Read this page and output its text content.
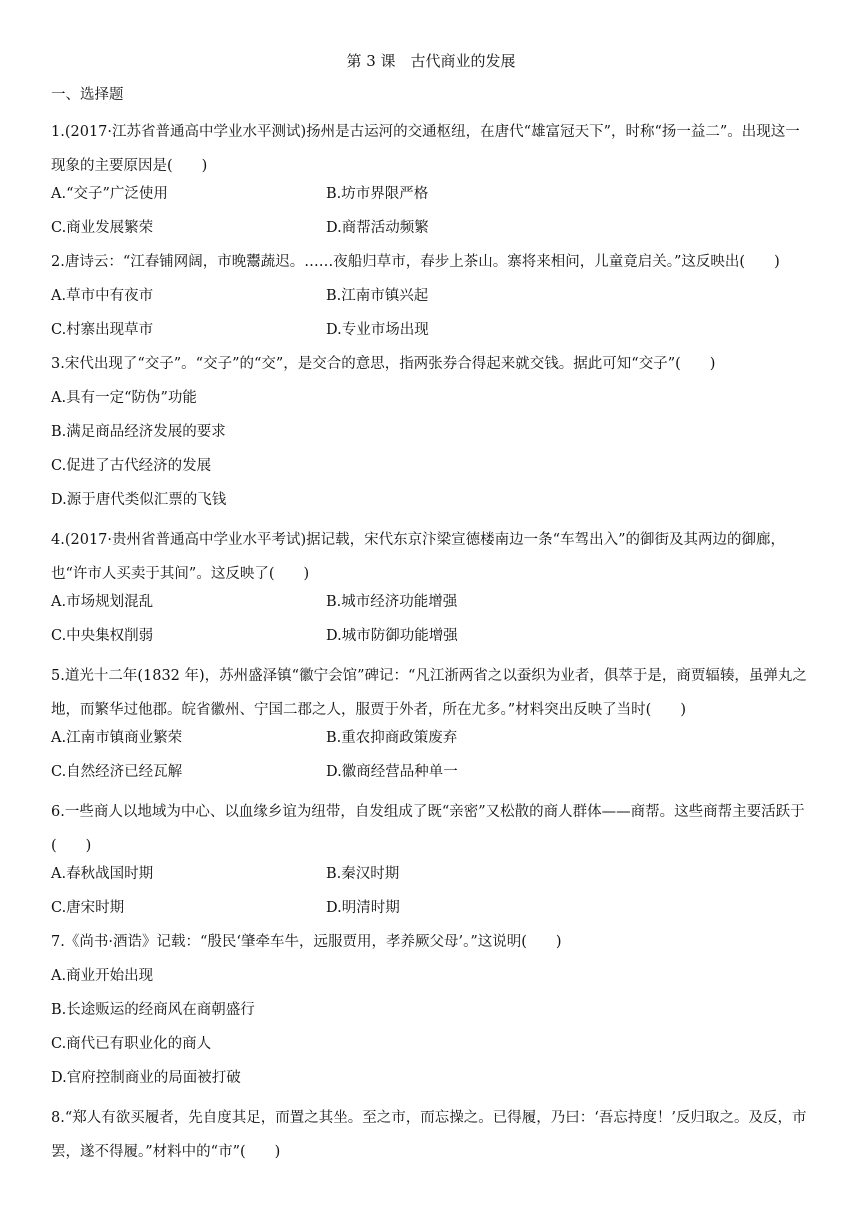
第 3 课　古代商业的发展
一、选择题

1.(2017·江苏省普通高中学业水平测试)扬州是古运河的交通枢纽，在唐代“雄富冠天下”，时称“扬一益二”。出现这一现象的主要原因是(　　)

A.“交子”广泛使用	B.坊市界限严格
C.商业发展繁荣	D.商帮活动频繁

2.唐诗云：“江春铺网阔，市晚鬻蔬迟。……夜船归草市，春步上茶山。寨将来相问，儿童竟启关。”这反映出(　　)

A.草市中有夜市	B.江南市镇兴起
C.村寨出现草市	D.专业市场出现

3.宋代出现了“交子”。“交子”的“交”，是交合的意思，指两张券合得起来就交钱。据此可知“交子”(　　)

A.具有一定“防伪”功能
B.满足商品经济发展的要求
C.促进了古代经济的发展
D.源于唐代类似汇票的飞钱

4.(2017·贵州省普通高中学业水平考试)据记载，宋代东京汴梁宣德楼南边一条“车驾出入”的御街及其两边的御廊，也“许市人买卖于其间”。这反映了(　　)

A.市场规划混乱	B.城市经济功能增强
C.中央集权削弱	D.城市防御功能增强

5.道光十二年(1832 年)，苏州盛泽镇“徽宁会馆”碑记：“凡江浙两省之以蚕织为业者，俱萃于是，商贾辐辏，虽弹丸之地，而繁华过他郡。皖省徽州、宁国二郡之人，服贾于外者，所在尤多。”材料突出反映了当时(　　)

A.江南市镇商业繁荣	B.重农抑商政策废弃
C.自然经济已经瓦解	D.徽商经营品种单一

6.一些商人以地域为中心、以血缘乡谊为纽带，自发组成了既“亲密”又松散的商人群体——商帮。这些商帮主要活跃于(　　)

A.春秋战国时期	B.秦汉时期
C.唐宋时期	D.明清时期

7.《尚书·酒诰》记载：“殷民‘肇牵车牛，远服贾用，孝养厥父母’。”这说明(　　)

A.商业开始出现
B.长途贩运的经商风在商朝盛行
C.商代已有职业化的商人
D.官府控制商业的局面被打破

8.“郑人有欲买履者，先自度其足，而置之其坐。至之市，而忘操之。已得履，乃曰：‘吾忘持度！’反归取之。及反，市罢，遂不得履。”材料中的“市”(　　)
